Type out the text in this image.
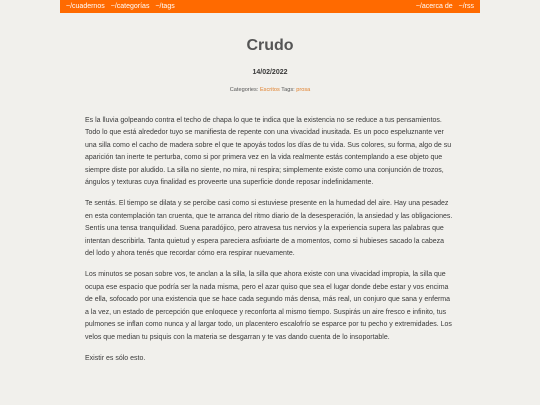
~/cuadernos ~/categorías ~/tags	~/acerca de ~/rss
Crudo
14/02/2022
Categories: Escritos Tags: prosa

Es la lluvia golpeando contra el techo de chapa lo que te indica que la existencia no se reduce a tus pensamientos. Todo lo que está alrededor tuyo se manifiesta de repente con una vivacidad inusitada. Es un poco espeluznante ver una silla como el cacho de madera sobre el que te apoyás todos los días de tu vida. Sus colores, su forma, algo de su aparición tan inerte te perturba, como si por primera vez en la vida realmente estás contemplando a ese objeto que siempre diste por aludido. La silla no siente, no mira, ni respira; simplemente existe como una conjunción de trozos, ángulos y texturas cuya finalidad es proveerte una superficie donde reposar indefinidamente.

Te sentás. El tiempo se dilata y se percibe casi como si estuviese presente en la humedad del aire. Hay una pesadez en esta contemplación tan cruenta, que te arranca del ritmo diario de la desesperación, la ansiedad y las obligaciones. Sentís una tensa tranquilidad. Suena paradójico, pero atravesa tus nervios y la experiencia supera las palabras que intentan describirla. Tanta quietud y espera pareciera asfixiarte de a momentos, como si hubieses sacado la cabeza del lodo y ahora tenés que recordar cómo era respirar nuevamente.

Los minutos se posan sobre vos, te anclan a la silla, la silla que ahora existe con una vivacidad impropia, la silla que ocupa ese espacio que podría ser la nada misma, pero el azar quiso que sea el lugar donde debe estar y vos encima de ella, sofocado por una existencia que se hace cada segundo más densa, más real, un conjuro que sana y enferma a la vez, un estado de percepción que enloquece y reconforta al mismo tiempo. Suspirás un aire fresco e infinito, tus pulmones se inflan como nunca y al largar todo, un placentero escalofrío se esparce por tu pecho y extremidades. Los velos que median tu psiquis con la materia se desgarran y te vas dando cuenta de lo insoportable.

Existir es sólo esto.
